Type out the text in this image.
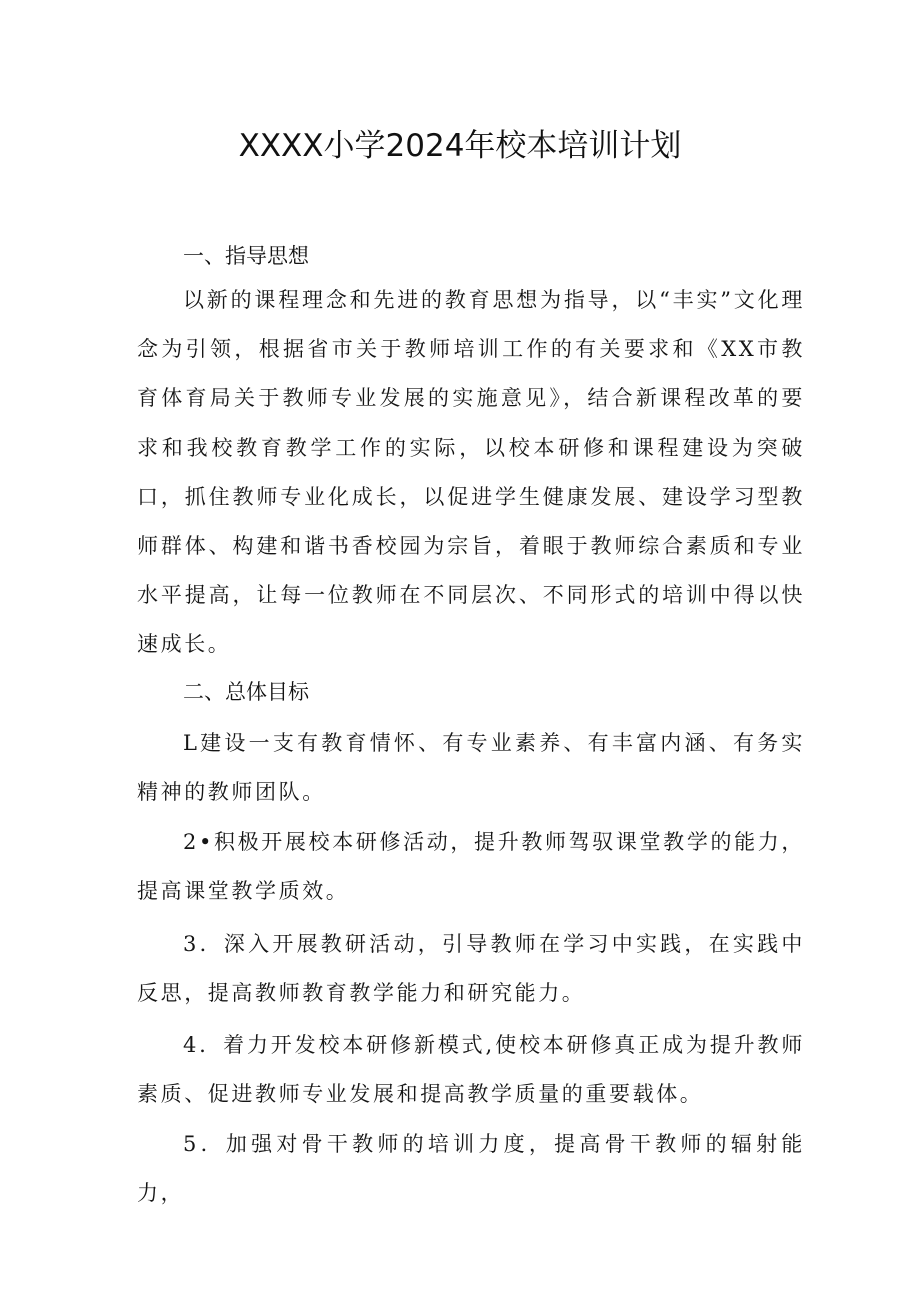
XXXX小学2024年校本培训计划
一、指导思想
以新的课程理念和先进的教育思想为指导，以“丰实”文化理念为引领，根据省市关于教师培训工作的有关要求和《XX市教育体育局关于教师专业发展的实施意见》，结合新课程改革的要求和我校教育教学工作的实际，以校本研修和课程建设为突破口，抓住教师专业化成长，以促进学生健康发展、建设学习型教师群体、构建和谐书香校园为宗旨，着眼于教师综合素质和专业水平提高，让每一位教师在不同层次、不同形式的培训中得以快速成长。
二、总体目标
L建设一支有教育情怀、有专业素养、有丰富内涵、有务实精神的教师团队。
2•积极开展校本研修活动，提升教师驾驭课堂教学的能力，提高课堂教学质效。
3．深入开展教研活动，引导教师在学习中实践，在实践中反思，提高教师教育教学能力和研究能力。
4．着力开发校本研修新模式,使校本研修真正成为提升教师素质、促进教师专业发展和提高教学质量的重要载体。
5．加强对骨干教师的培训力度，提高骨干教师的辐射能力，
